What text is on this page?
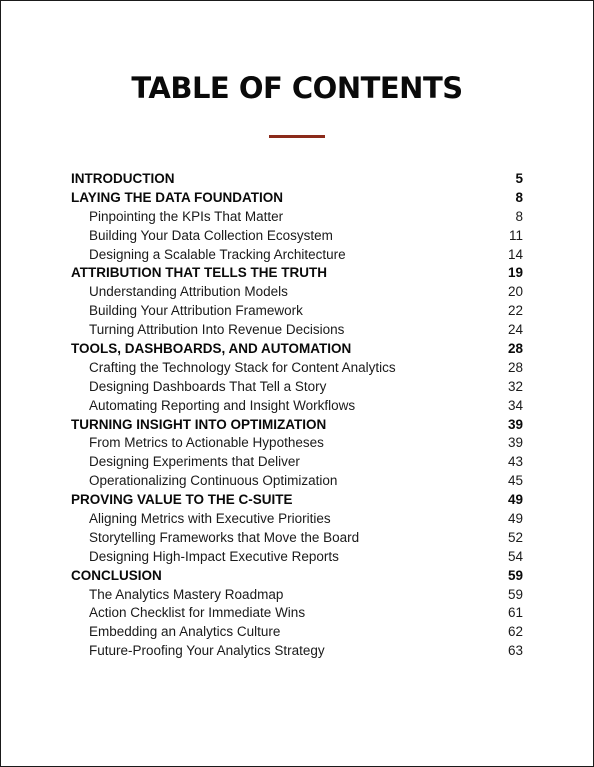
TABLE OF CONTENTS
INTRODUCTION	5
LAYING THE DATA FOUNDATION	8
Pinpointing the KPIs That Matter	8
Building Your Data Collection Ecosystem	11
Designing a Scalable Tracking Architecture	14
ATTRIBUTION THAT TELLS THE TRUTH	19
Understanding Attribution Models	20
Building Your Attribution Framework	22
Turning Attribution Into Revenue Decisions	24
TOOLS, DASHBOARDS, AND AUTOMATION	28
Crafting the Technology Stack for Content Analytics	28
Designing Dashboards That Tell a Story	32
Automating Reporting and Insight Workflows	34
TURNING INSIGHT INTO OPTIMIZATION	39
From Metrics to Actionable Hypotheses	39
Designing Experiments that Deliver	43
Operationalizing Continuous Optimization	45
PROVING VALUE TO THE C-SUITE	49
Aligning Metrics with Executive Priorities	49
Storytelling Frameworks that Move the Board	52
Designing High-Impact Executive Reports	54
CONCLUSION	59
The Analytics Mastery Roadmap	59
Action Checklist for Immediate Wins	61
Embedding an Analytics Culture	62
Future-Proofing Your Analytics Strategy	63
